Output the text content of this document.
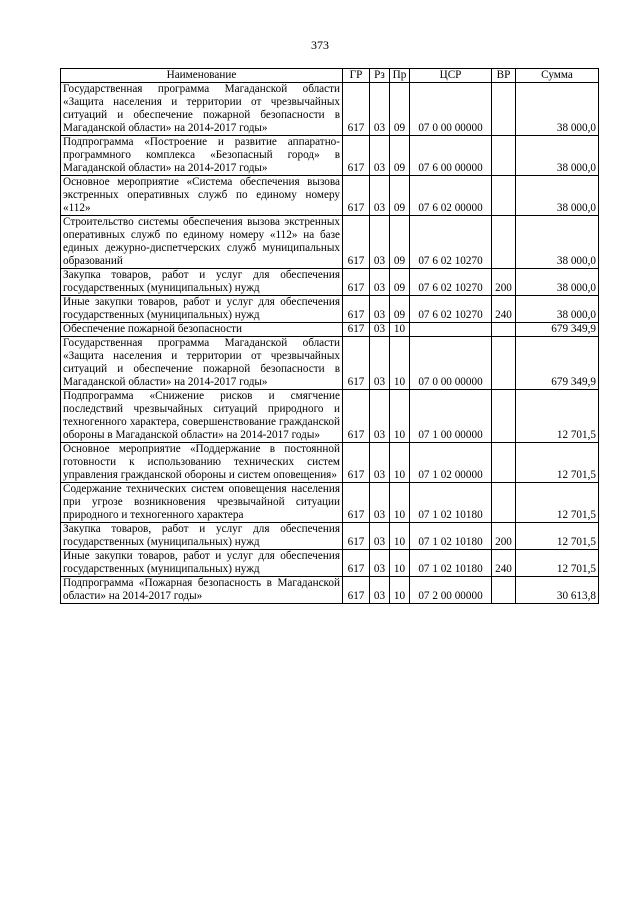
373
Наименование	ГР	Рз	Пр	ЦСР	ВР	Сумма
Государственная программа Магаданской области «Защита населения и территории от чрезвычайных ситуаций и обеспечение пожарной безопасности в Магаданской области» на 2014-2017 годы»	617	03	09	07 0 00 00000		38 000,0
Подпрограмма «Построение и развитие аппаратно-программного комплекса «Безопасный город» в Магаданской области» на 2014-2017 годы»	617	03	09	07 6 00 00000		38 000,0
Основное мероприятие «Система обеспечения вызова экстренных оперативных служб по единому номеру «112»	617	03	09	07 6 02 00000		38 000,0
Строительство системы обеспечения вызова экстренных оперативных служб по единому номеру «112» на базе единых дежурно-диспетчерских служб муниципальных образований	617	03	09	07 6 02 10270		38 000,0
Закупка товаров, работ и услуг для обеспечения государственных (муниципальных) нужд	617	03	09	07 6 02 10270	200	38 000,0
Иные закупки товаров, работ и услуг для обеспечения государственных (муниципальных) нужд	617	03	09	07 6 02 10270	240	38 000,0
Обеспечение пожарной безопасности	617	03	10			679 349,9
Государственная программа Магаданской области «Защита населения и территории от чрезвычайных ситуаций и обеспечение пожарной безопасности в Магаданской области» на 2014-2017 годы»	617	03	10	07 0 00 00000		679 349,9
Подпрограмма «Снижение рисков и смягчение последствий чрезвычайных ситуаций природного и техногенного характера, совершенствование гражданской обороны в Магаданской области» на 2014-2017 годы»	617	03	10	07 1 00 00000		12 701,5
Основное мероприятие «Поддержание в постоянной готовности к использованию технических систем управления гражданской обороны и систем оповещения»	617	03	10	07 1 02 00000		12 701,5
Содержание технических систем оповещения населения при угрозе возникновения чрезвычайной ситуации природного и техногенного характера	617	03	10	07 1 02 10180		12 701,5
Закупка товаров, работ и услуг для обеспечения государственных (муниципальных) нужд	617	03	10	07 1 02 10180	200	12 701,5
Иные закупки товаров, работ и услуг для обеспечения государственных (муниципальных) нужд	617	03	10	07 1 02 10180	240	12 701,5
Подпрограмма «Пожарная безопасность в Магаданской области» на 2014-2017 годы»	617	03	10	07 2 00 00000		30 613,8
